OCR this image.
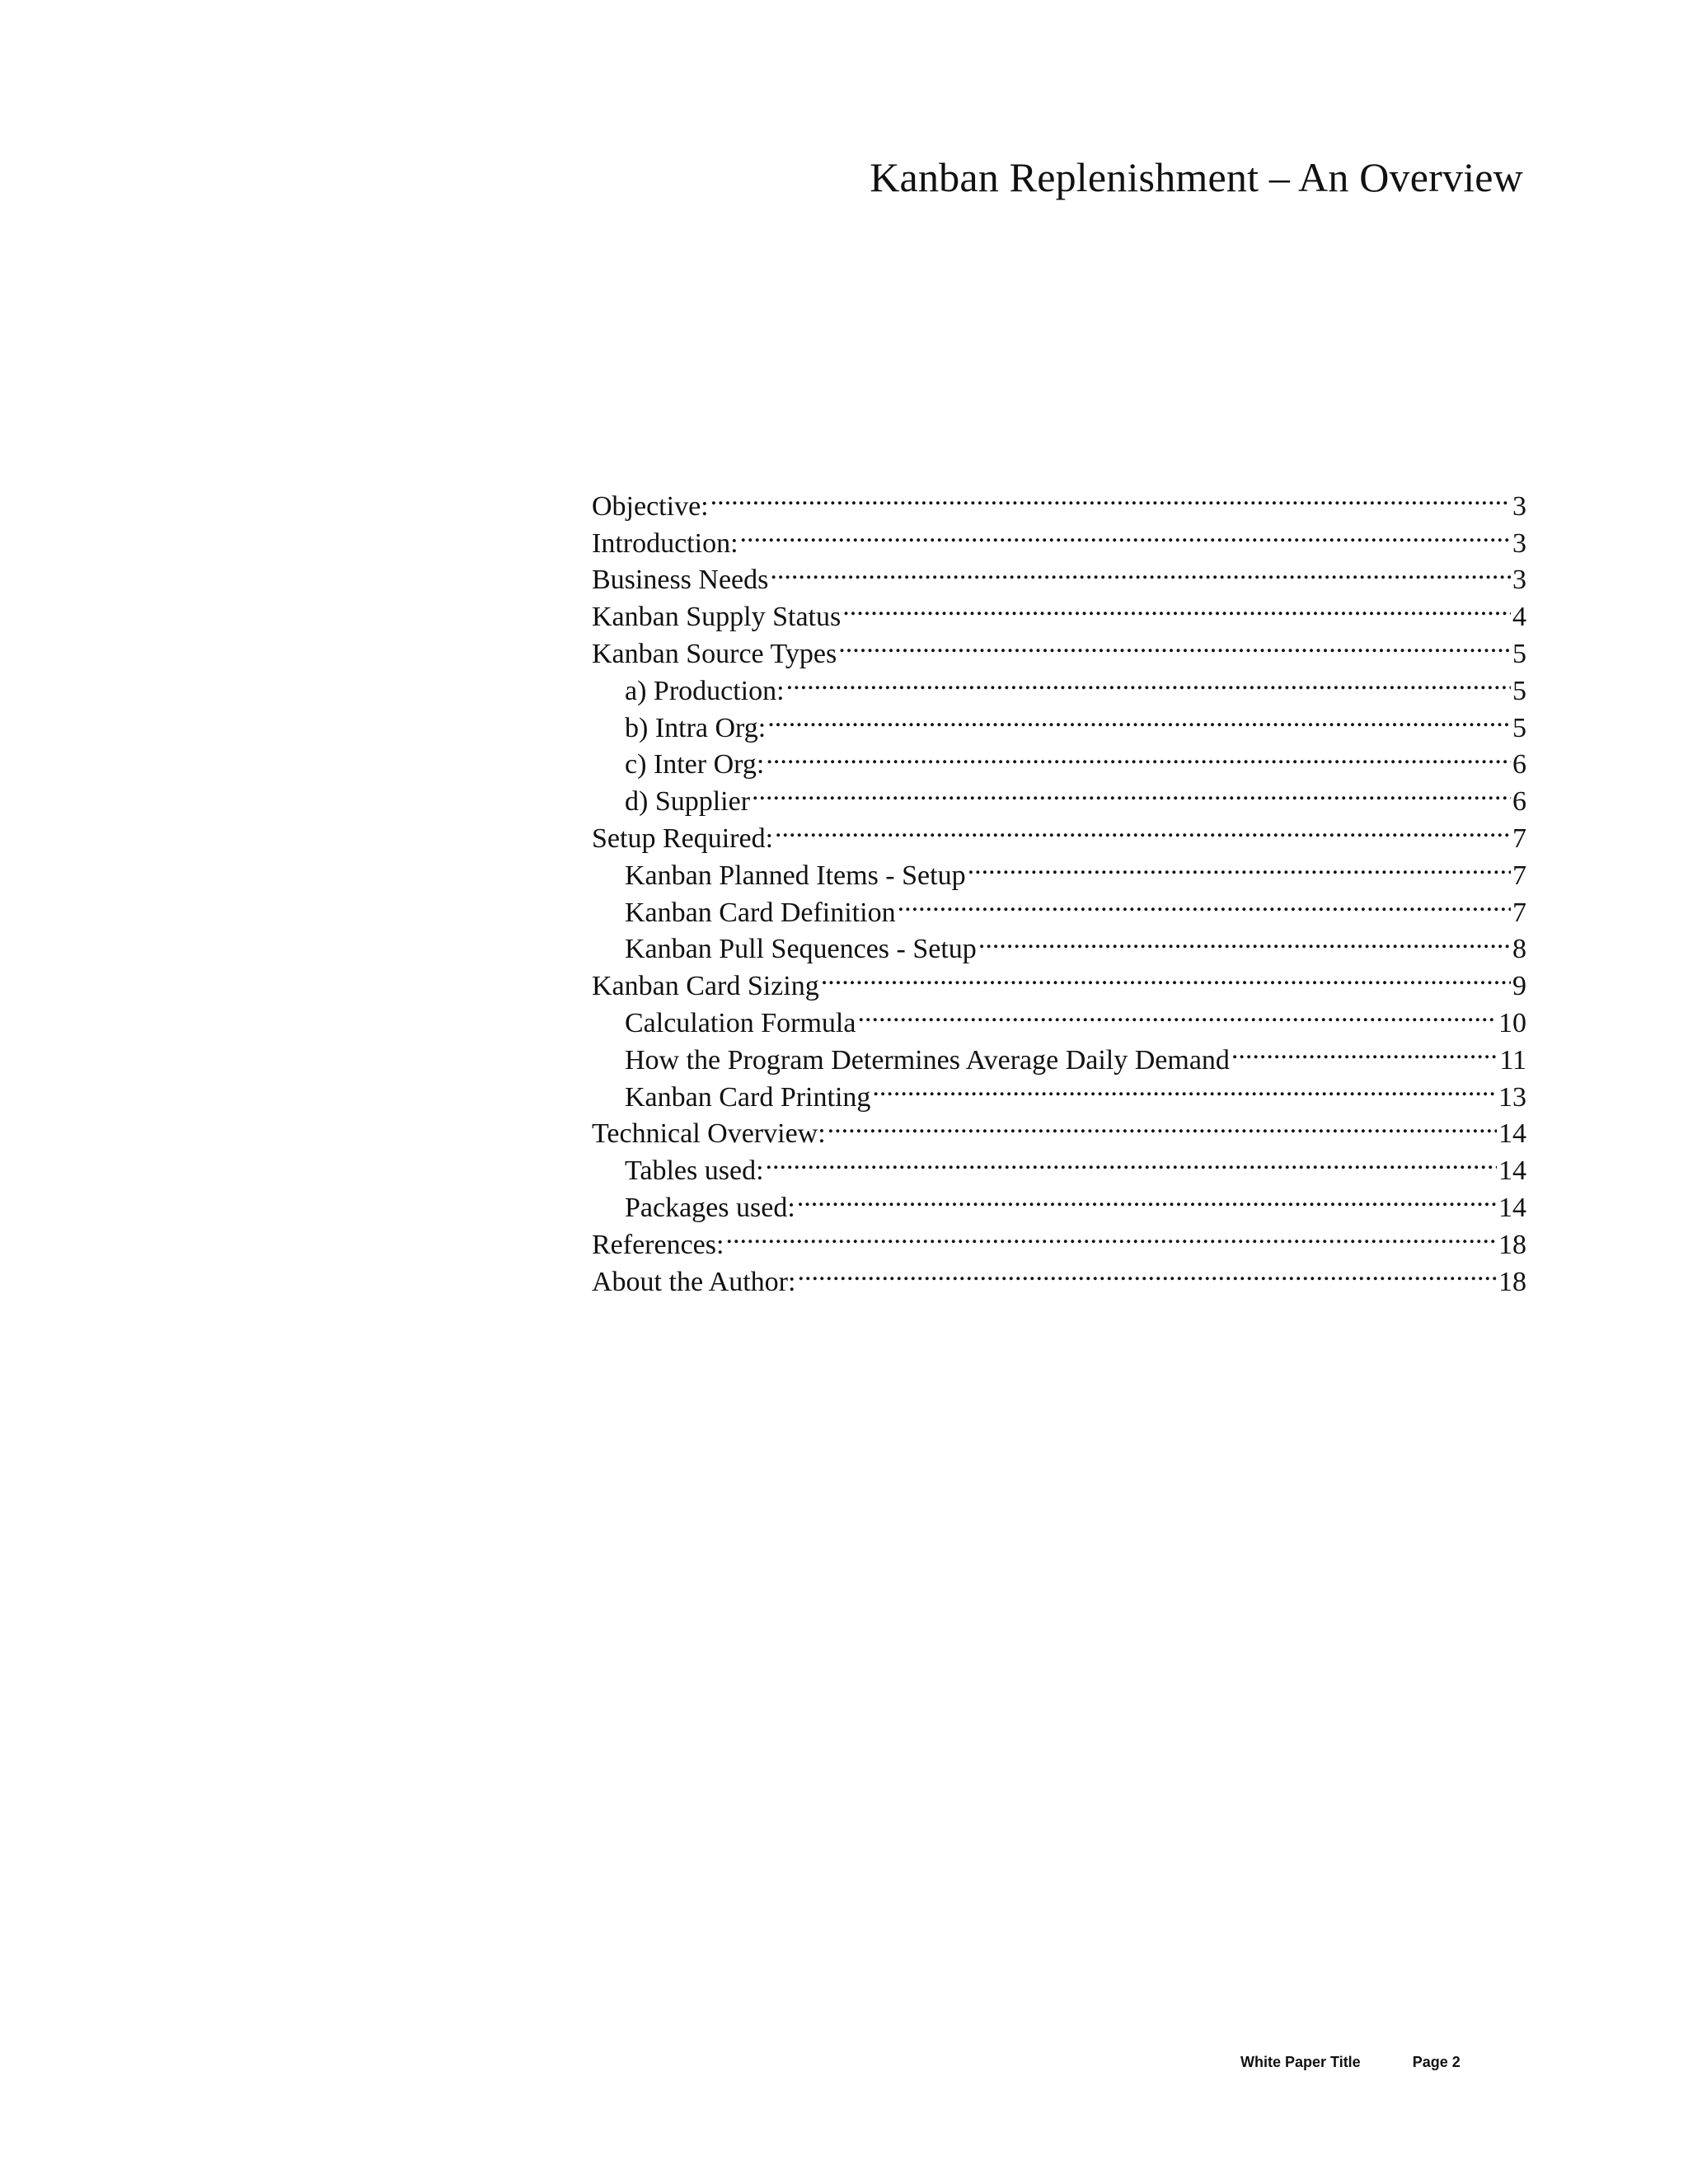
Kanban Replenishment – An Overview
Objective: .....	3
Introduction: .....	3
Business Needs .....	3
Kanban Supply Status .....	4
Kanban Source Types .....	5
a) Production: .....	5
b) Intra Org: .....	5
c) Inter Org: .....	6
d) Supplier .....	6
Setup Required: .....	7
Kanban Planned Items - Setup .....	7
Kanban Card Definition .....	7
Kanban Pull Sequences - Setup .....	8
Kanban Card Sizing .....	9
Calculation Formula .....	10
How the Program Determines Average Daily Demand .....	11
Kanban Card Printing .....	13
Technical Overview: .....	14
Tables used: .....	14
Packages used: .....	14
References: .....	18
About the Author: .....	18
White Paper Title	Page 2
